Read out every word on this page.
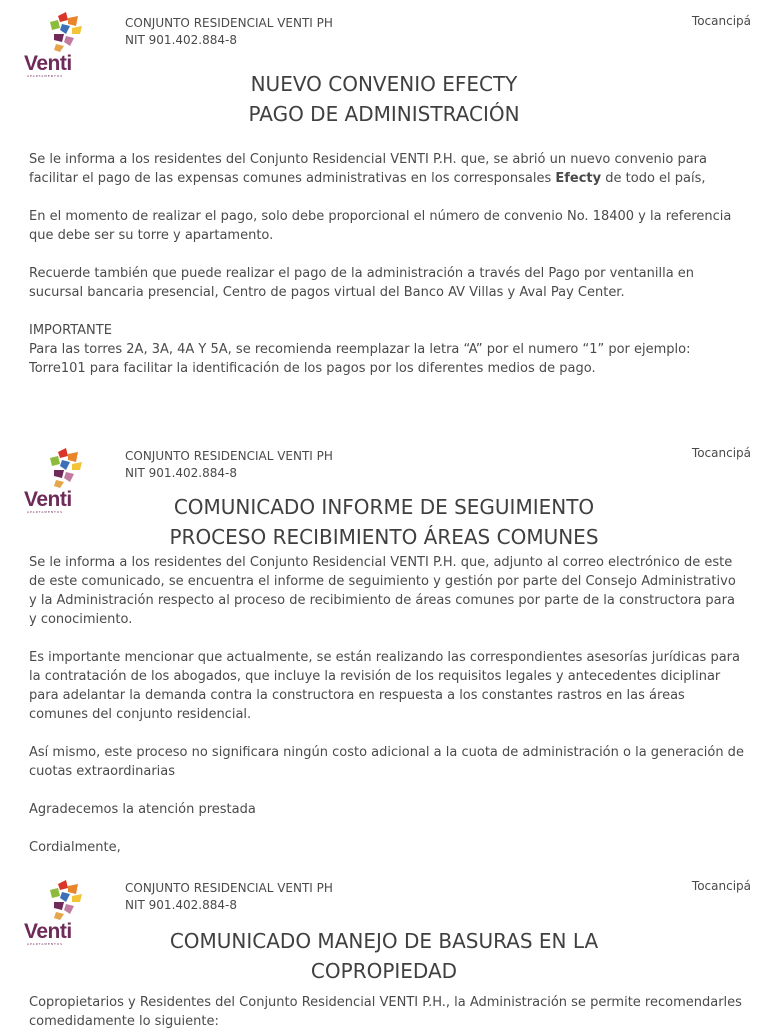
Venti
APARTAMENTOS
CONJUNTO RESIDENCIAL VENTI PH
NIT 901.402.884-8
Tocancipá
NUEVO CONVENIO EFECTY
PAGO DE ADMINISTRACIÓN

Se le informa a los residentes del Conjunto Residencial VENTI P.H. que, se abrió un nuevo convenio para facilitar el pago de las expensas comunes administrativas en los corresponsales Efecty de todo el país,

En el momento de realizar el pago, solo debe proporcional el número de convenio No. 18400 y la referencia que debe ser su torre y apartamento.

Recuerde también que puede realizar el pago de la administración a través del Pago por ventanilla en sucursal bancaria presencial, Centro de pagos virtual del Banco AV Villas y Aval Pay Center.

IMPORTANTE

Para las torres 2A, 3A, 4A Y 5A, se recomienda reemplazar la letra “A” por el numero “1” por ejemplo: Torre101 para facilitar la identificación de los pagos por los diferentes medios de pago.

Venti
APARTAMENTOS
CONJUNTO RESIDENCIAL VENTI PH
NIT 901.402.884-8
Tocancipá
COMUNICADO INFORME DE SEGUIMIENTO
PROCESO RECIBIMIENTO ÁREAS COMUNES

Se le informa a los residentes del Conjunto Residencial VENTI P.H. que, adjunto al correo electrónico de este de este comunicado, se encuentra el informe de seguimiento y gestión por parte del Consejo Administrativo y la Administración respecto al proceso de recibimiento de áreas comunes por parte de la constructora para y conocimiento.

Es importante mencionar que actualmente, se están realizando las correspondientes asesorías jurídicas para la contratación de los abogados, que incluye la revisión de los requisitos legales y antecedentes diciplinar para adelantar la demanda contra la constructora en respuesta a los constantes rastros en las áreas comunes del conjunto residencial.

Así mismo, este proceso no significara ningún costo adicional a la cuota de administración o la generación de cuotas extraordinarias

Agradecemos la atención prestada

Cordialmente,

Venti
APARTAMENTOS
CONJUNTO RESIDENCIAL VENTI PH
NIT 901.402.884-8
Tocancipá
COMUNICADO MANEJO DE BASURAS EN LA
COPROPIEDAD

Copropietarios y Residentes del Conjunto Residencial VENTI P.H., la Administración se permite recomendarles comedidamente lo siguiente:
